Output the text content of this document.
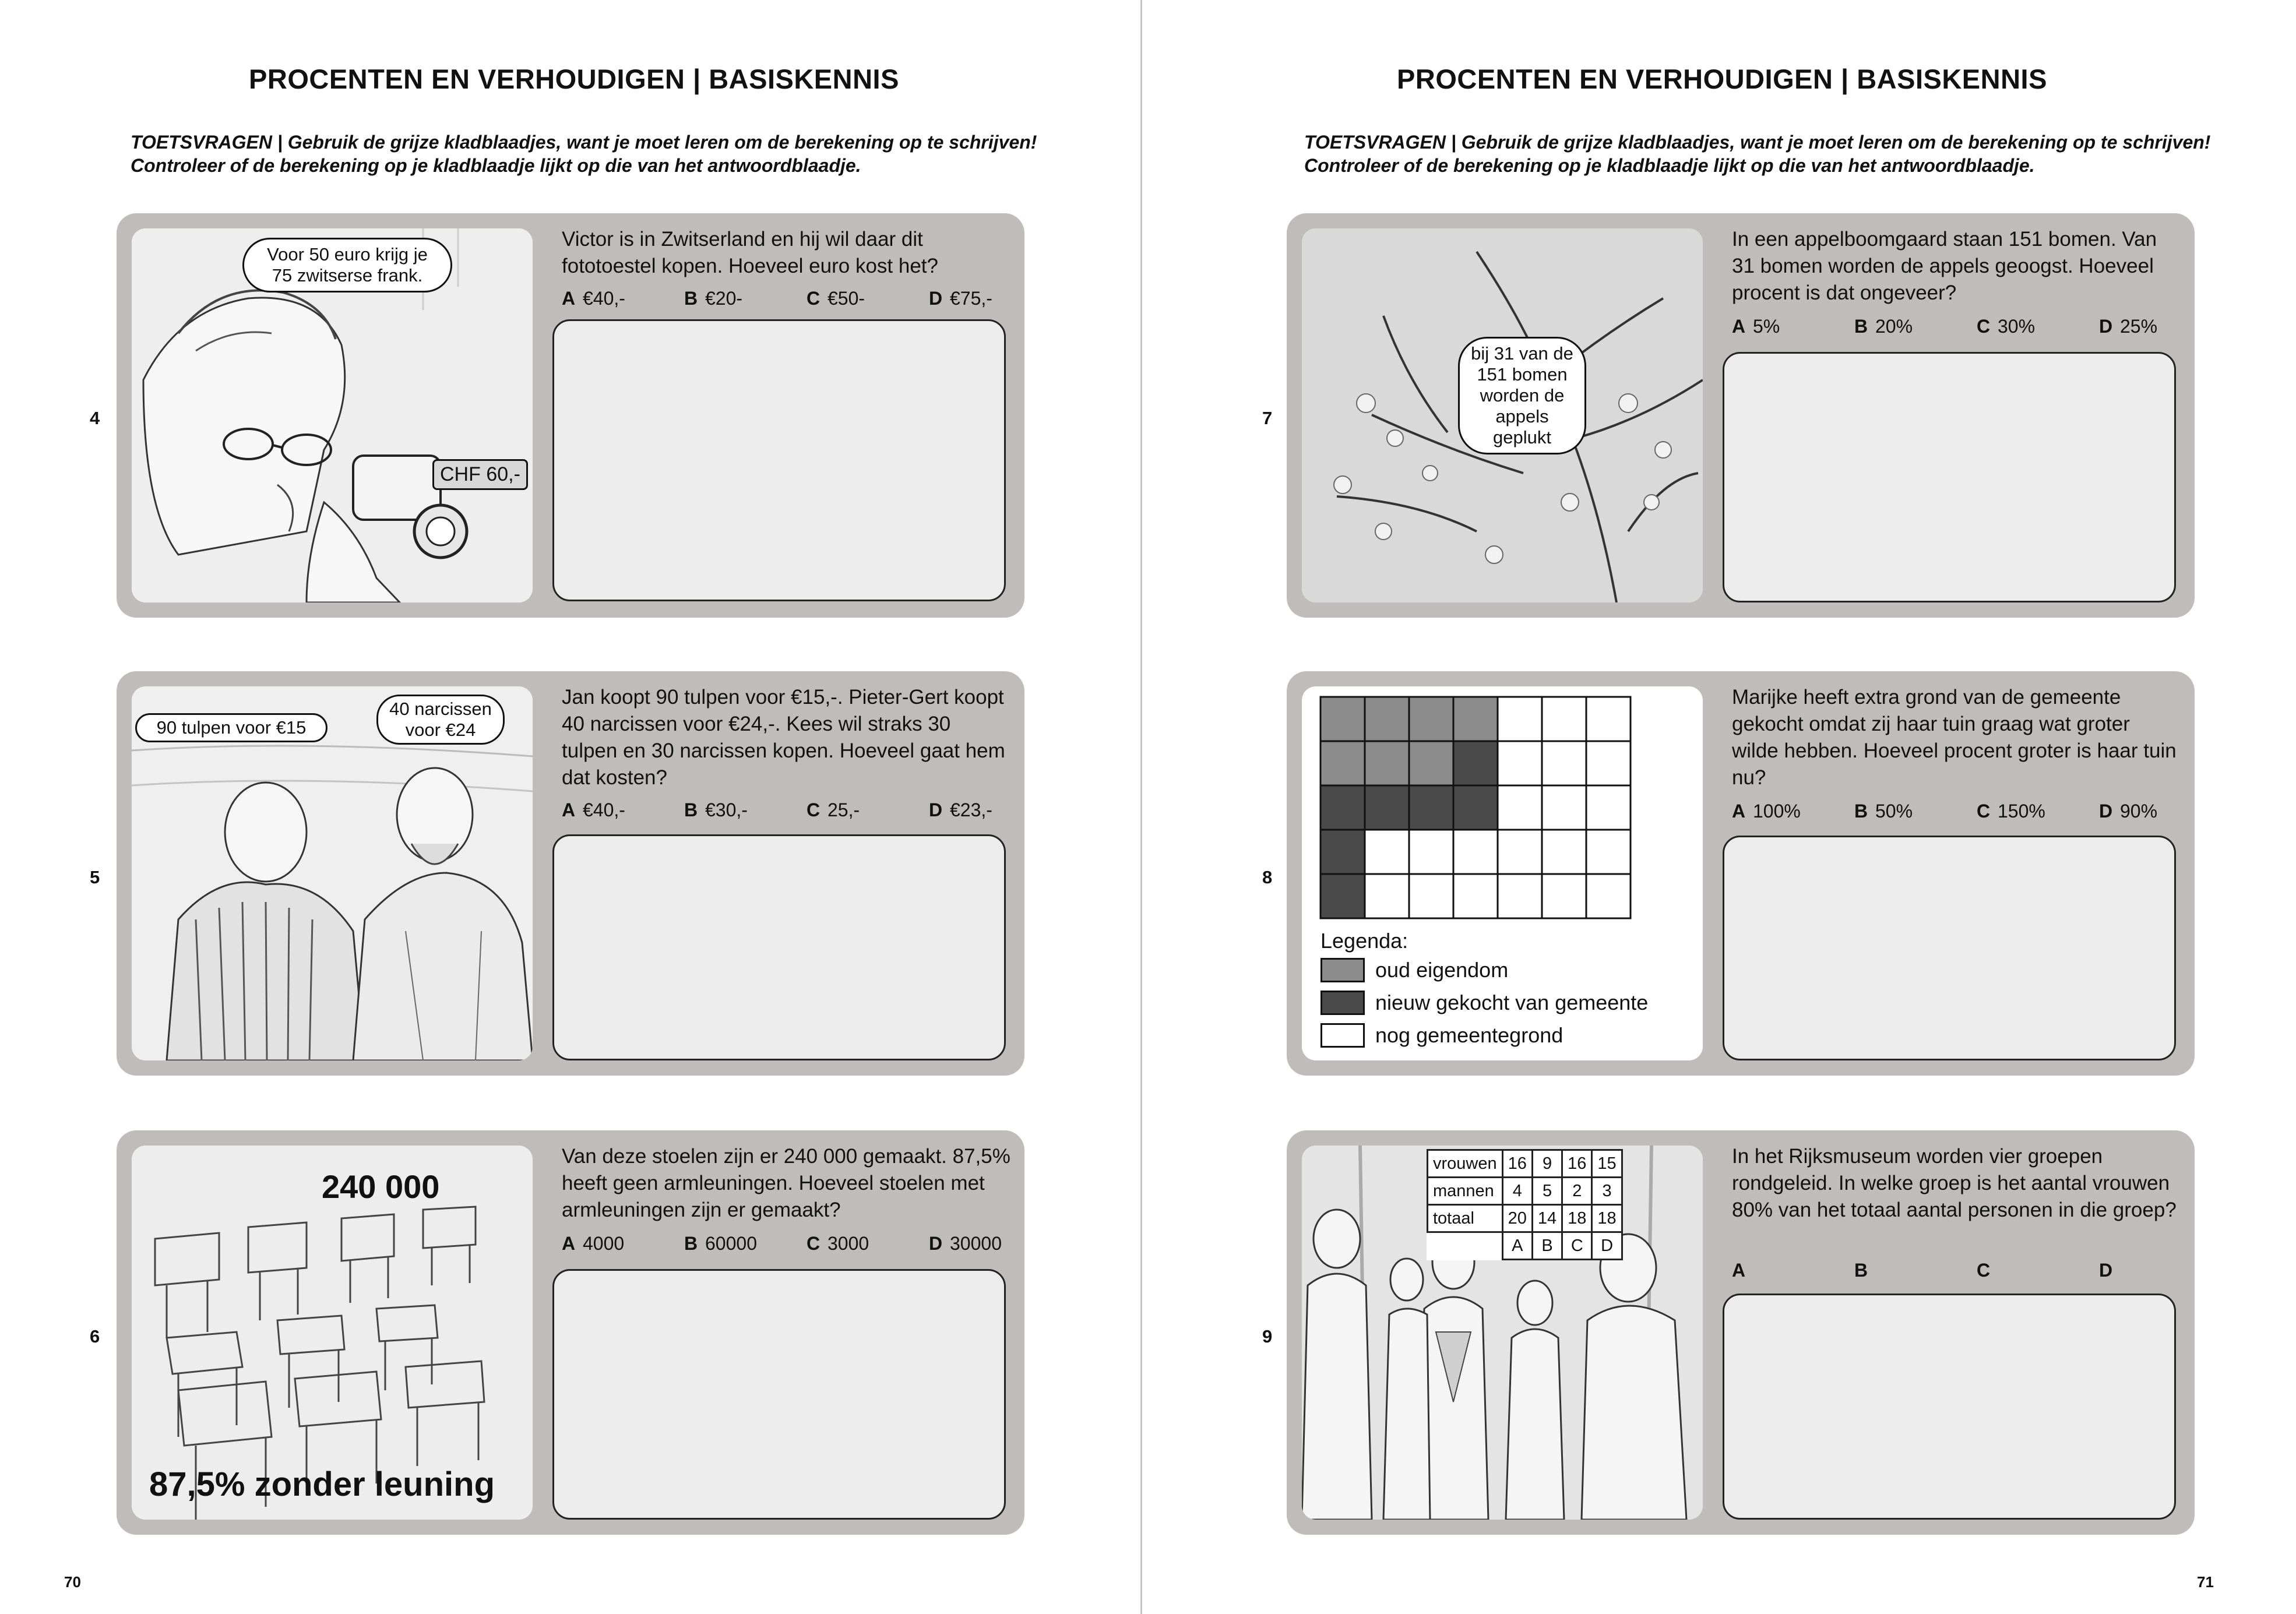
PROCENTEN EN VERHOUDIGEN | BASISKENNIS
TOETSVRAGEN | Gebruik de grijze kladblaadjes, want je moet leren om de berekening op te schrijven! Controleer of de berekening op je kladblaadje lijkt op die van het antwoordblaadje.
4
Voor 50 euro krijg je 75 zwitserse frank.
CHF 60,-
Victor is in Zwitserland en hij wil daar dit fototoestel kopen. Hoeveel euro kost het?
A €40,-	B €20-	C €50-	D €75,-
5
90 tulpen voor €15
40 narcissen voor €24
Jan koopt 90 tulpen voor €15,-. Pieter-Gert koopt 40 narcissen voor €24,-. Kees wil straks 30 tulpen en 30 narcissen kopen. Hoeveel gaat hem dat kosten?
A €40,-	B €30,-	C 25,-	D €23,-
6
240 000
87,5% zonder leuning
Van deze stoelen zijn er 240 000 gemaakt. 87,5% heeft geen armleuningen. Hoeveel stoelen met armleuningen zijn er gemaakt?
A 4000	B 60000	C 3000	D 30000
70
PROCENTEN EN VERHOUDIGEN | BASISKENNIS
TOETSVRAGEN | Gebruik de grijze kladblaadjes, want je moet leren om de berekening op te schrijven! Controleer of de berekening op je kladblaadje lijkt op die van het antwoordblaadje.
7
bij 31 van de 151 bomen worden de appels geplukt
In een appelboomgaard staan 151 bomen. Van 31 bomen worden de appels geoogst. Hoeveel procent is dat ongeveer?
A 5%	B 20%	C 30%	D 25%
8
Legenda:
oud eigendom
nieuw gekocht van gemeente
nog gemeentegrond
Marijke heeft extra grond van de gemeente gekocht omdat zij haar tuin graag wat groter wilde hebben. Hoeveel procent groter is haar tuin nu?
A 100%	B 50%	C 150%	D 90%
9
vrouwen	16	9	16	15
mannen	4	5	2	3
totaal	20	14	18	18
	A	B	C	D
In het Rijksmuseum worden vier groepen rondgeleid. In welke groep is het aantal vrouwen 80% van het totaal aantal personen in die groep?
A	B	C	D
71
